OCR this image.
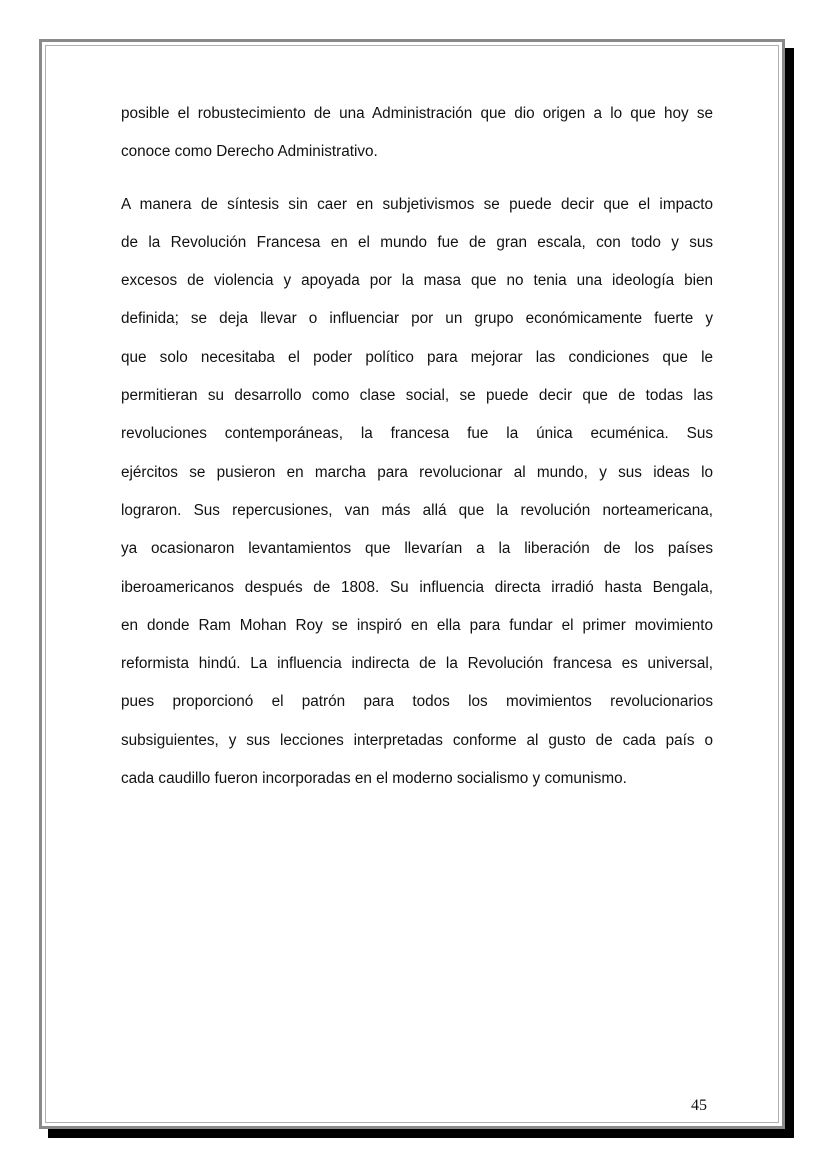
posible el robustecimiento de una Administración que dio origen a lo que hoy se
conoce como Derecho Administrativo.
A manera de síntesis sin caer en subjetivismos se puede decir que el impacto
de la Revolución Francesa en el mundo fue de gran escala, con todo y sus
excesos de violencia y apoyada por la masa que no tenia una ideología bien
definida; se deja llevar o influenciar por un grupo económicamente fuerte y
que solo necesitaba el poder político para mejorar las condiciones que le
permitieran su desarrollo como clase social, se puede decir que de todas las
revoluciones contemporáneas, la francesa fue la única ecuménica. Sus
ejércitos se pusieron en marcha para revolucionar al mundo, y sus ideas lo
lograron. Sus repercusiones, van más allá que la revolución norteamericana,
ya ocasionaron levantamientos que llevarían a la liberación de los países
iberoamericanos después de 1808. Su influencia directa irradió hasta Bengala,
en donde Ram Mohan Roy se inspiró en ella para fundar el primer movimiento
reformista hindú. La influencia indirecta de la Revolución francesa es universal,
pues proporcionó el patrón para todos los movimientos revolucionarios
subsiguientes, y sus lecciones interpretadas conforme al gusto de cada país o
cada caudillo fueron incorporadas en el moderno socialismo y comunismo.
45
